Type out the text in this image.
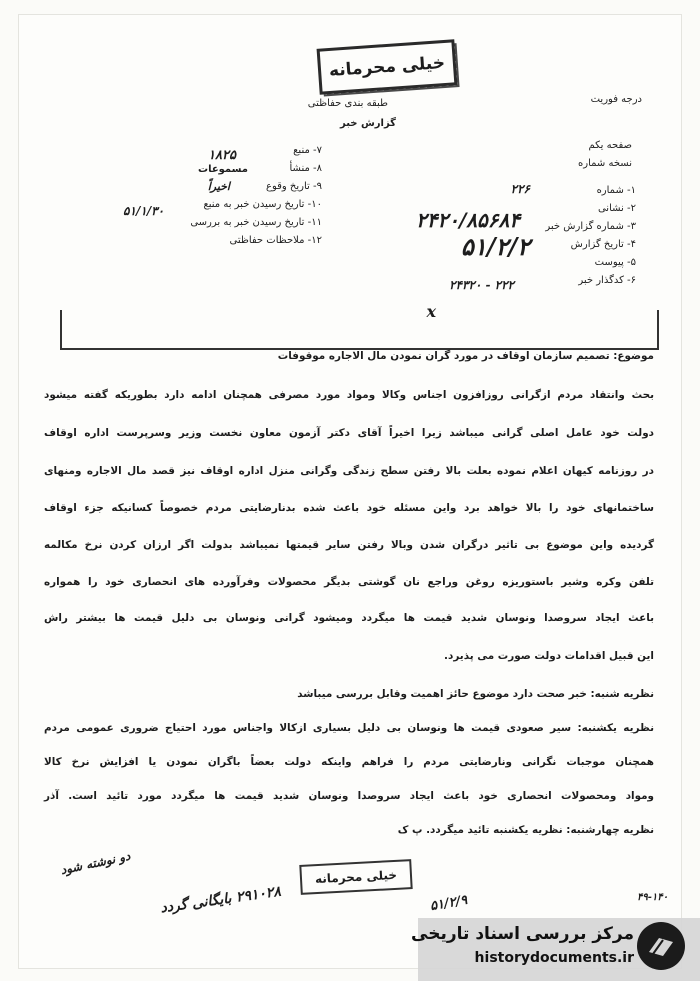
خیلی محرمانه
درجه فوریت
طبقه بندی حفاظتی
گزارش خبر
صفحه یکم
نسخه شماره
۱- شماره
۲- نشانی
۳- شماره گزارش خبر
۴- تاریخ گزارش
۵- پیوست
۶- کدگذار خبر
۲۲۶
۲۴۲۰/۸۵۶۸۴
۵۱/۲/۲
۲۲۲ - ۲۴۳۲۰
x
۷- منبع
۸- منشأ
۹- تاریخ وقوع
۱۰- تاریخ رسیدن خبر به منبع
۱۱- تاریخ رسیدن خبر به بررسی
۱۲- ملاحظات حفاظتی
۱۸۲۵
مسموعات
اخیراً
۵۱/۱/۳۰
موضوع: تصمیم سازمان اوقاف در مورد گران نمودن مال الاجاره موقوفات
بحث وانتقاد مردم ازگرانی روزافزون اجناس وکالا ومواد مورد مصرفی همچنان ادامه دارد بطوریکه گفته میشود
دولت خود عامل اصلی گرانی میباشد زیرا اخیراً آقای دکتر آزمون معاون نخست وزیر وسرپرست اداره اوقاف
در روزنامه کیهان اعلام نموده بعلت بالا رفتن سطح زندگی وگرانی منزل اداره اوقاف نیز قصد مال الاجاره ومنهای
ساختمانهای خود را بالا خواهد برد واین مسئله خود باعث شده بدنارضایتی مردم خصوصاً کسانیکه جزء اوقاف
گردیده واین موضوع بی تاثیر درگران شدن وبالا رفتن سایر قیمتها نمیباشد بدولت اگر ارزان کردن نرخ مکالمه
تلفن وکره وشیر باستوریزه روغن وراجع نان گوشتی بدیگر محصولات وفرآورده های انحصاری خود را همواره
باعث ایجاد سروصدا ونوسان شدید قیمت ها میگردد ومیشود گرانی ونوسان بی دلیل قیمت ها بیشتر راش
این قبیل اقدامات دولت صورت می پذیرد.
نظریه شنبه: خبر صحت دارد موضوع حائز اهمیت وقابل بررسی میباشد
نظریه یکشنبه: سیر صعودی قیمت ها ونوسان بی دلیل بسیاری ازکالا واجناس مورد احتیاج ضروری عمومی مردم
همچنان موجبات نگرانی ونارضایتی مردم را فراهم واینکه دولت بعضاً باگران نمودن یا افزایش نرخ کالا
ومواد ومحصولات انحصاری خود باعث ایجاد سروصدا ونوسان شدید قیمت ها میگردد مورد تائید است. آذر
نظریه چهارشنبه: نظریه یکشنبه تائید میگردد. پ ک
خیلی محرمانه
دو نوشته شود
۲۹۱۰۲۸ بایگانی گردد	۵۱/۲/۹	۴۹-۱۴۰
مرکز بررسی اسناد تاریخی
historydocuments.ir
